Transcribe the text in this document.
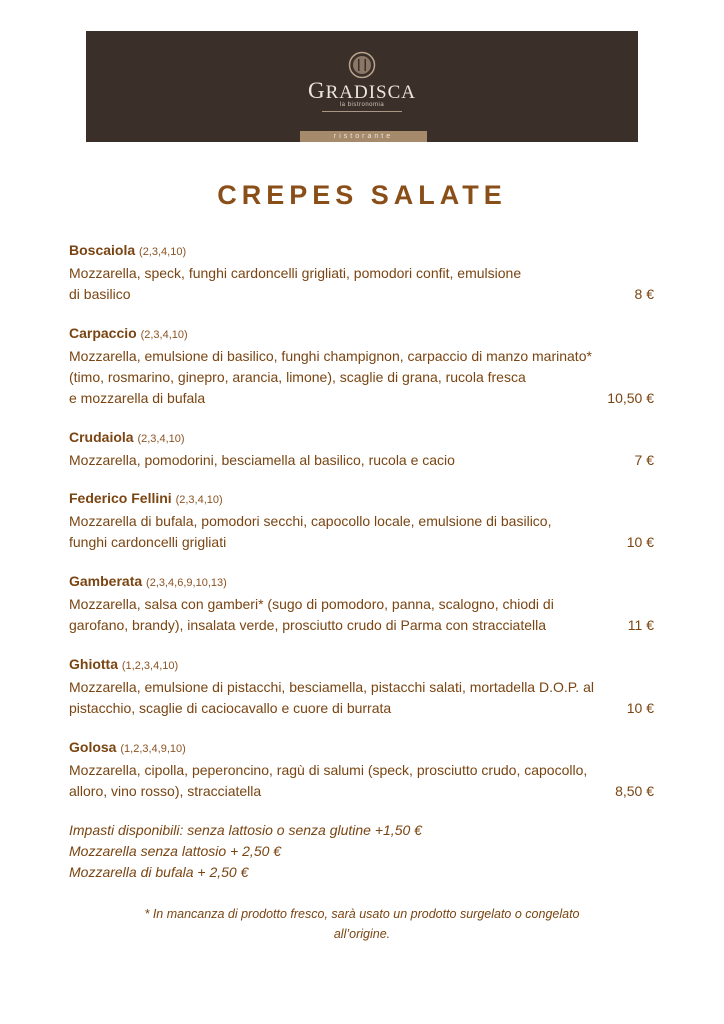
GRADISCA
la bistronomia
ristorante
CREPES SALATE
Boscaiola (2,3,4,10)
Mozzarella, speck, funghi cardoncelli grigliati, pomodori confit, emulsione
di basilico	8 €
Carpaccio (2,3,4,10)
Mozzarella, emulsione di basilico, funghi champignon, carpaccio di manzo marinato*
(timo, rosmarino, ginepro, arancia, limone), scaglie di grana, rucola fresca
e mozzarella di bufala	10,50 €
Crudaiola (2,3,4,10)
Mozzarella, pomodorini, besciamella al basilico, rucola e cacio	7 €
Federico Fellini (2,3,4,10)
Mozzarella di bufala, pomodori secchi, capocollo locale, emulsione di basilico,
funghi cardoncelli grigliati	10 €
Gamberata (2,3,4,6,9,10,13)
Mozzarella, salsa con gamberi* (sugo di pomodoro, panna, scalogno, chiodi di
garofano, brandy), insalata verde, prosciutto crudo di Parma con stracciatella	11 €
Ghiotta (1,2,3,4,10)
Mozzarella, emulsione di pistacchi, besciamella, pistacchi salati, mortadella D.O.P. al
pistacchio, scaglie di caciocavallo e cuore di burrata	10 €
Golosa (1,2,3,4,9,10)
Mozzarella, cipolla, peperoncino, ragù di salumi (speck, prosciutto crudo, capocollo,
alloro, vino rosso), stracciatella	8,50 €
Impasti disponibili: senza lattosio o senza glutine +1,50 €
Mozzarella senza lattosio + 2,50 €
Mozzarella di bufala + 2,50 €
* In mancanza di prodotto fresco, sarà usato un prodotto surgelato o congelato
all’origine.
